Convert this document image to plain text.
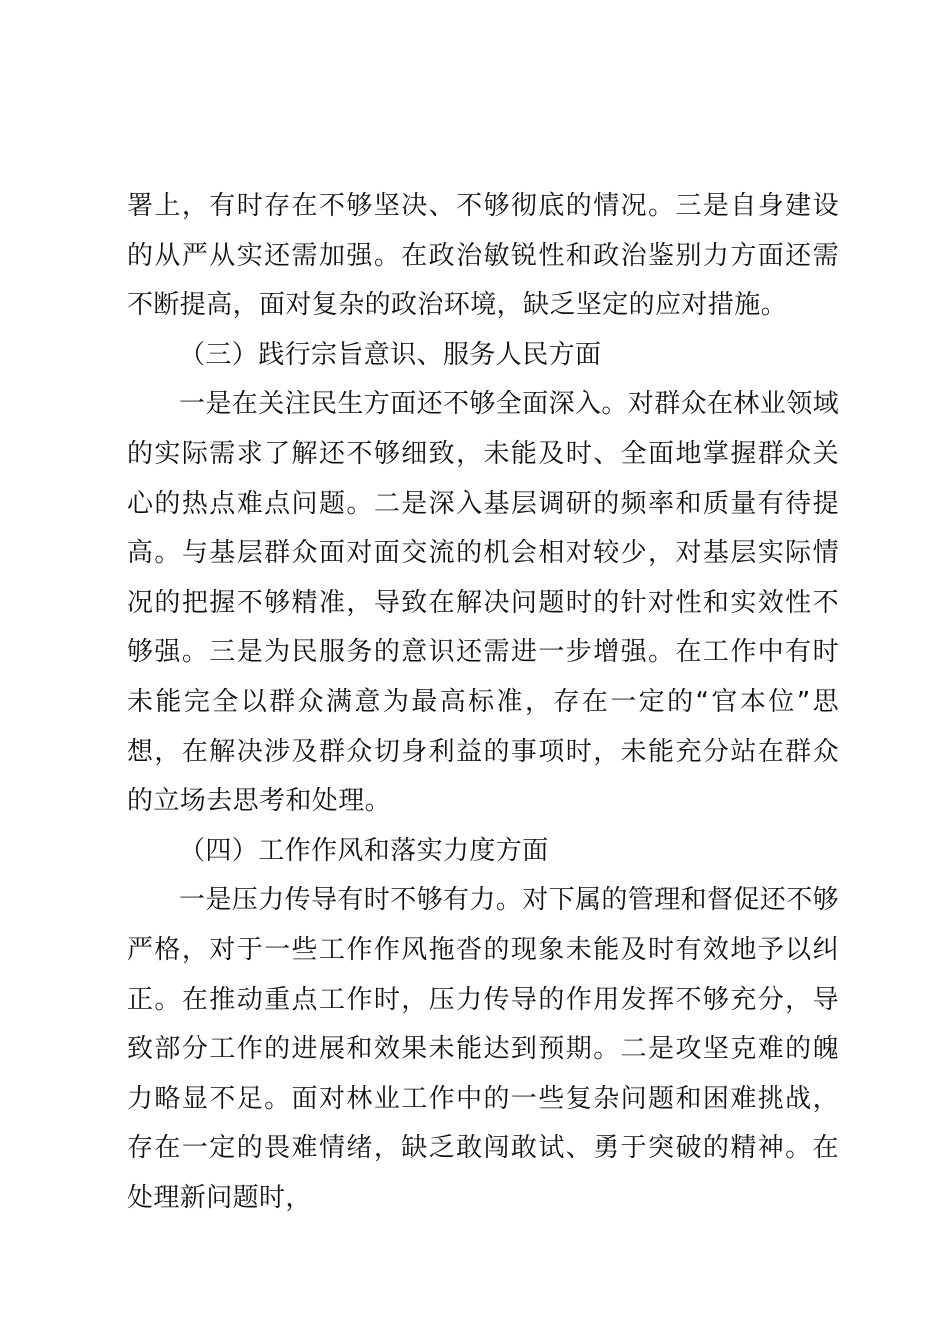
署上，有时存在不够坚决、不够彻底的情况。三是自身建设的从严从实还需加强。在政治敏锐性和政治鉴别力方面还需不断提高，面对复杂的政治环境，缺乏坚定的应对措施。

（三）践行宗旨意识、服务人民方面

一是在关注民生方面还不够全面深入。对群众在林业领域的实际需求了解还不够细致，未能及时、全面地掌握群众关心的热点难点问题。二是深入基层调研的频率和质量有待提高。与基层群众面对面交流的机会相对较少，对基层实际情况的把握不够精准，导致在解决问题时的针对性和实效性不够强。三是为民服务的意识还需进一步增强。在工作中有时未能完全以群众满意为最高标准，存在一定的“官本位”思想，在解决涉及群众切身利益的事项时，未能充分站在群众的立场去思考和处理。

（四）工作作风和落实力度方面

一是压力传导有时不够有力。对下属的管理和督促还不够严格，对于一些工作作风拖沓的现象未能及时有效地予以纠正。在推动重点工作时，压力传导的作用发挥不够充分，导致部分工作的进展和效果未能达到预期。二是攻坚克难的魄力略显不足。面对林业工作中的一些复杂问题和困难挑战，存在一定的畏难情绪，缺乏敢闯敢试、勇于突破的精神。在处理新问题时，
